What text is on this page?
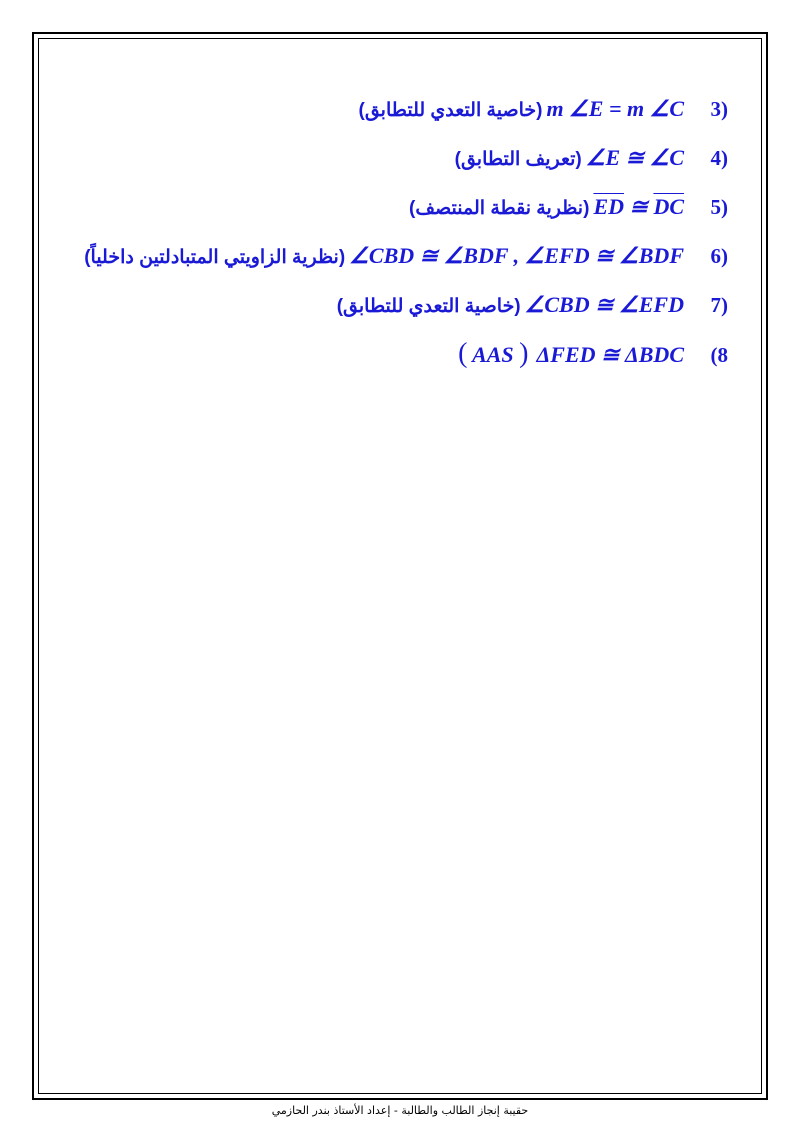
(خاصية التعدي للتطابق) m ∠E = m ∠C	3)
(تعريف التطابق) ∠E ≅ ∠C	4)
(نظرية نقطة المنتصف) $\overline{ED}$ ≅ $\overline{DC}$	5)
(نظرية الزاويتي المتبادلتين داخلياً) ∠CBD ≅ ∠BDF , ∠EFD ≅ ∠BDF	6)
(خاصية التعدي للتطابق) ∠CBD ≅ ∠EFD	7)
( AAS ) ΔFED ≅ ΔBDC	(8
حقيبة إنجاز الطالب والطالبة - إعداد الأستاذ بندر الحازمي
